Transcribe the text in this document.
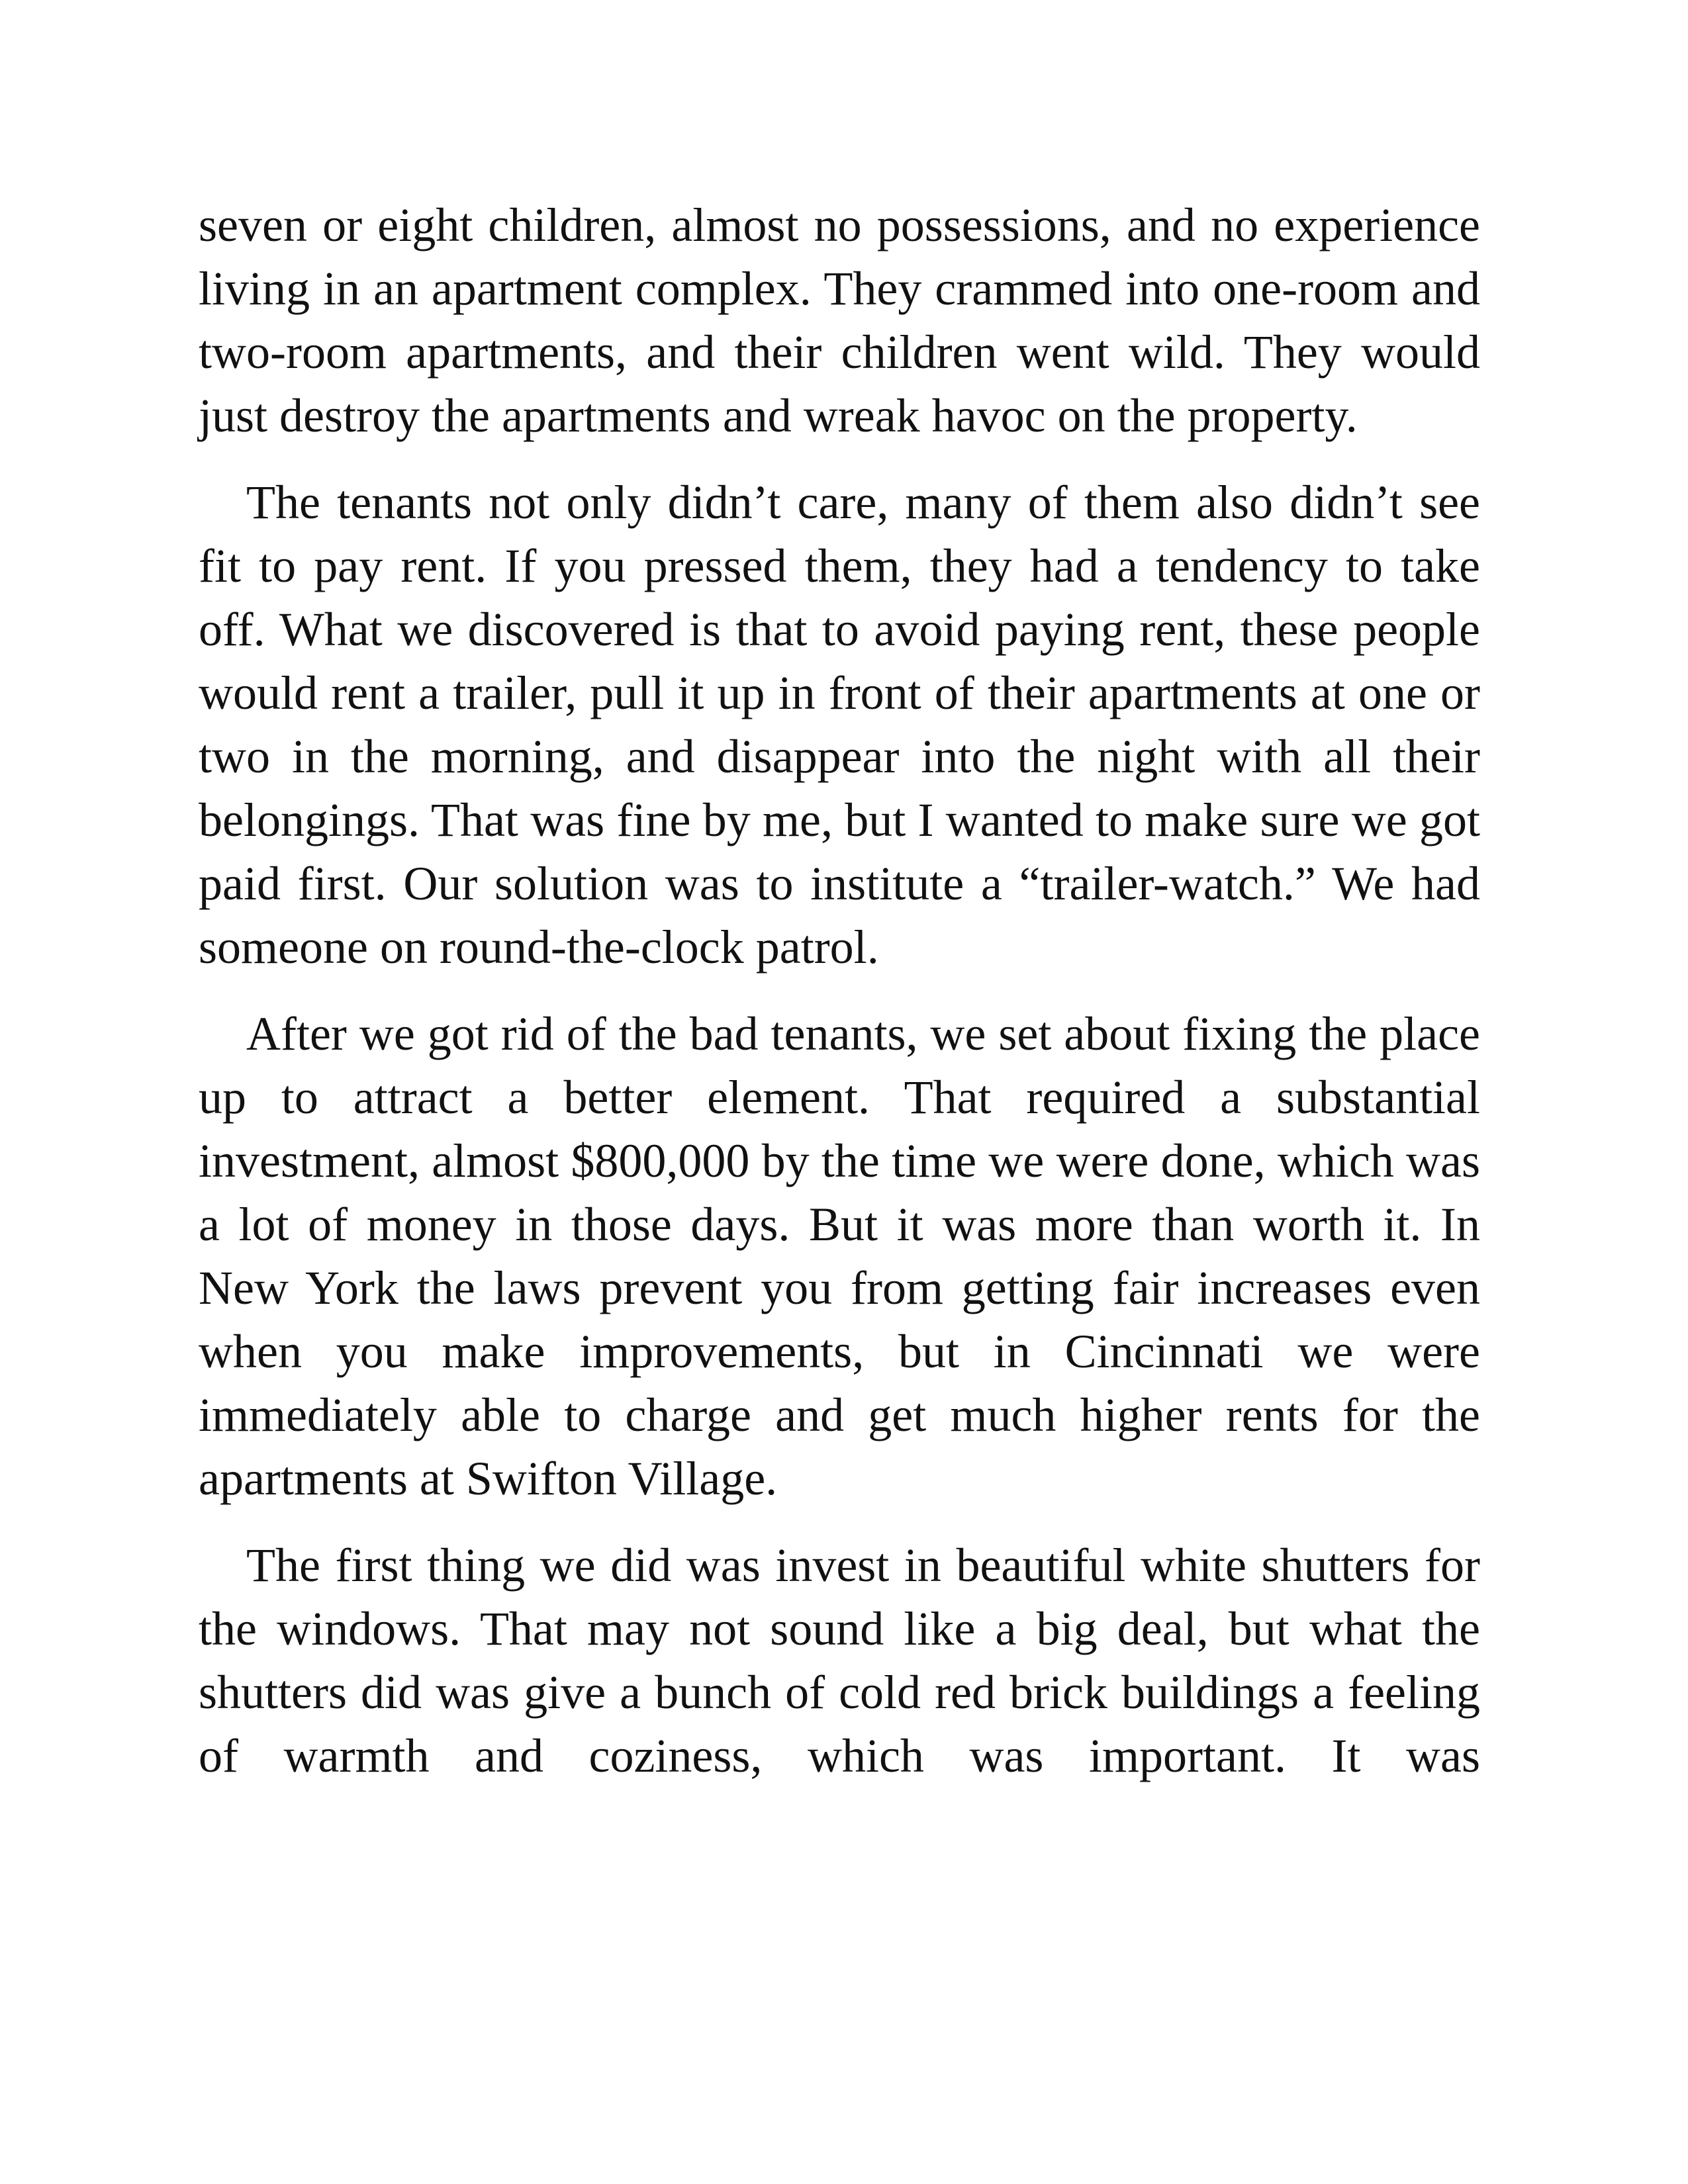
seven or eight children, almost no possessions, and no experience living in an apartment complex. They crammed into one-room and two-room apartments, and their children went wild. They would just destroy the apartments and wreak havoc on the property.

The tenants not only didn’t care, many of them also didn’t see fit to pay rent. If you pressed them, they had a tendency to take off. What we discovered is that to avoid paying rent, these people would rent a trailer, pull it up in front of their apartments at one or two in the morning, and disappear into the night with all their belongings. That was fine by me, but I wanted to make sure we got paid first. Our solution was to institute a “trailer-watch.” We had someone on round-the-clock patrol.

After we got rid of the bad tenants, we set about fixing the place up to attract a better element. That required a substantial investment, almost $800,000 by the time we were done, which was a lot of money in those days. But it was more than worth it. In New York the laws prevent you from getting fair increases even when you make improvements, but in Cincinnati we were immediately able to charge and get much higher rents for the apartments at Swifton Village.

The first thing we did was invest in beautiful white shutters for the windows. That may not sound like a big deal, but what the shutters did was give a bunch of cold red brick buildings a feeling of warmth and coziness, which was important. It was
